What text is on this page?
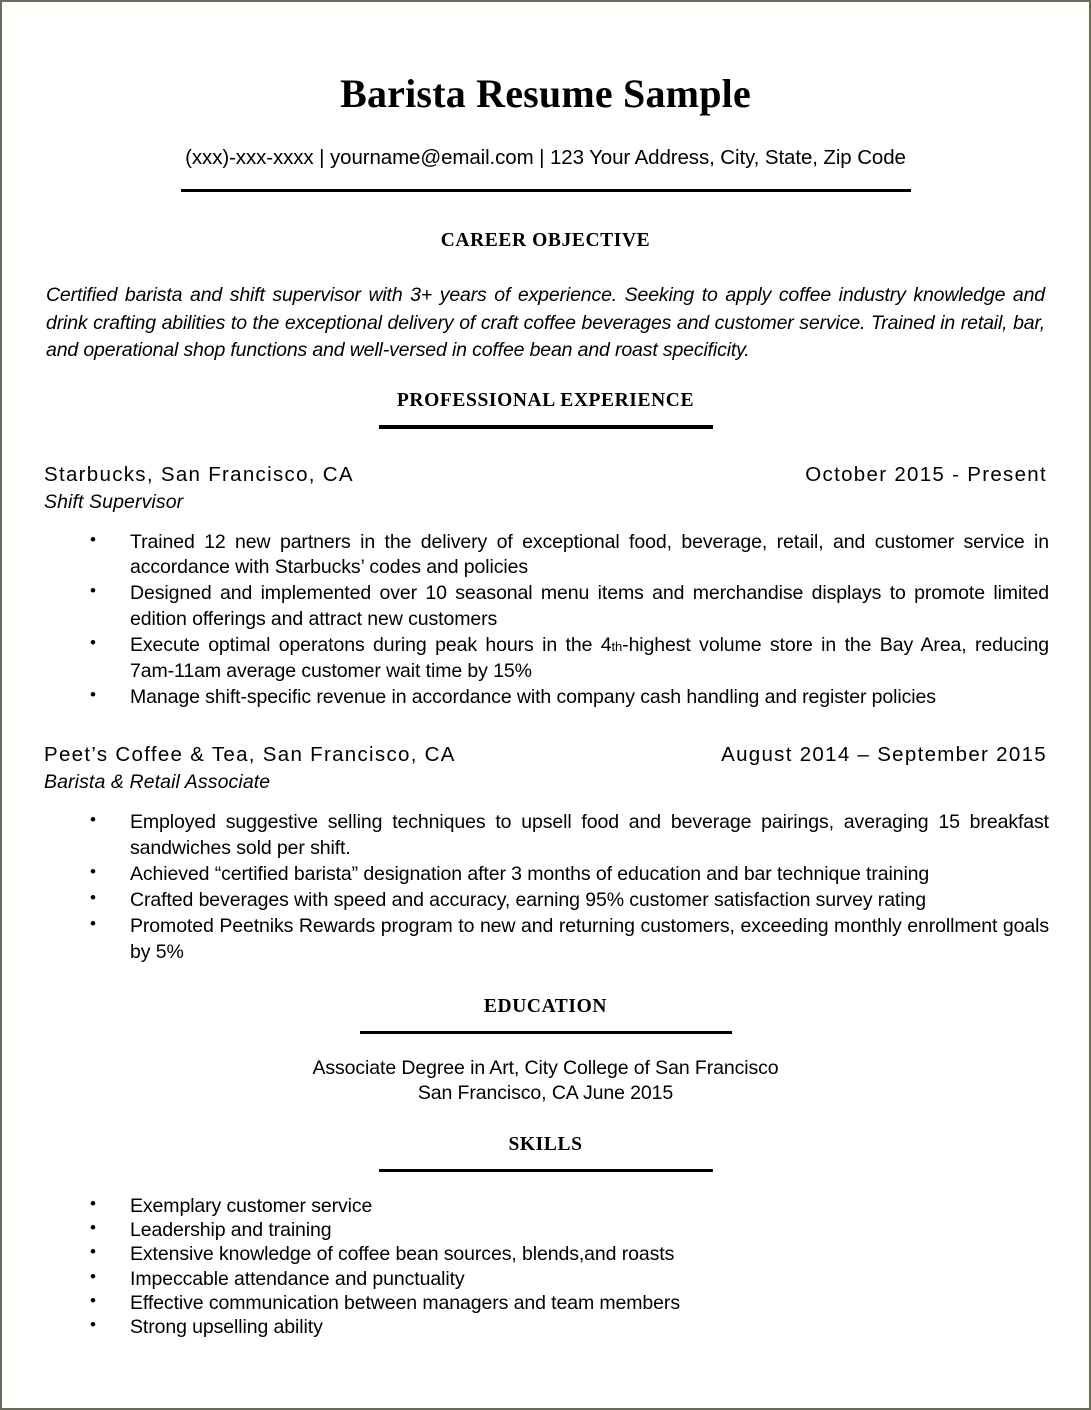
Barista Resume Sample
(xxx)-xxx-xxxx | yourname@email.com | 123 Your Address, City, State, Zip Code
CAREER OBJECTIVE

Certified barista and shift supervisor with 3+ years of experience. Seeking to apply coffee industry knowledge and drink crafting abilities to the exceptional delivery of craft coffee beverages and customer service. Trained in retail, bar, and operational shop functions and well-versed in coffee bean and roast specificity.

PROFESSIONAL EXPERIENCE
Starbucks, San Francisco, CA	October 2015 - Present
Shift Supervisor
• Trained 12 new partners in the delivery of exceptional food, beverage, retail, and customer service in accordance with Starbucks’ codes and policies
• Designed and implemented over 10 seasonal menu items and merchandise displays to promote limited edition offerings and attract new customers
• Execute optimal operatons during peak hours in the 4th-highest volume store in the Bay Area, reducing 7am-11am average customer wait time by 15%
• Manage shift-specific revenue in accordance with company cash handling and register policies
Peet’s Coffee & Tea, San Francisco, CA	August 2014 – September 2015
Barista & Retail Associate
• Employed suggestive selling techniques to upsell food and beverage pairings, averaging 15 breakfast sandwiches sold per shift.
• Achieved “certified barista” designation after 3 months of education and bar technique training
• Crafted beverages with speed and accuracy, earning 95% customer satisfaction survey rating
• Promoted Peetniks Rewards program to new and returning customers, exceeding monthly enrollment goals by 5%
EDUCATION
Associate Degree in Art, City College of San Francisco
San Francisco, CA June 2015
SKILLS
• Exemplary customer service
• Leadership and training
• Extensive knowledge of coffee bean sources, blends,and roasts
• Impeccable attendance and punctuality
• Effective communication between managers and team members
• Strong upselling ability
